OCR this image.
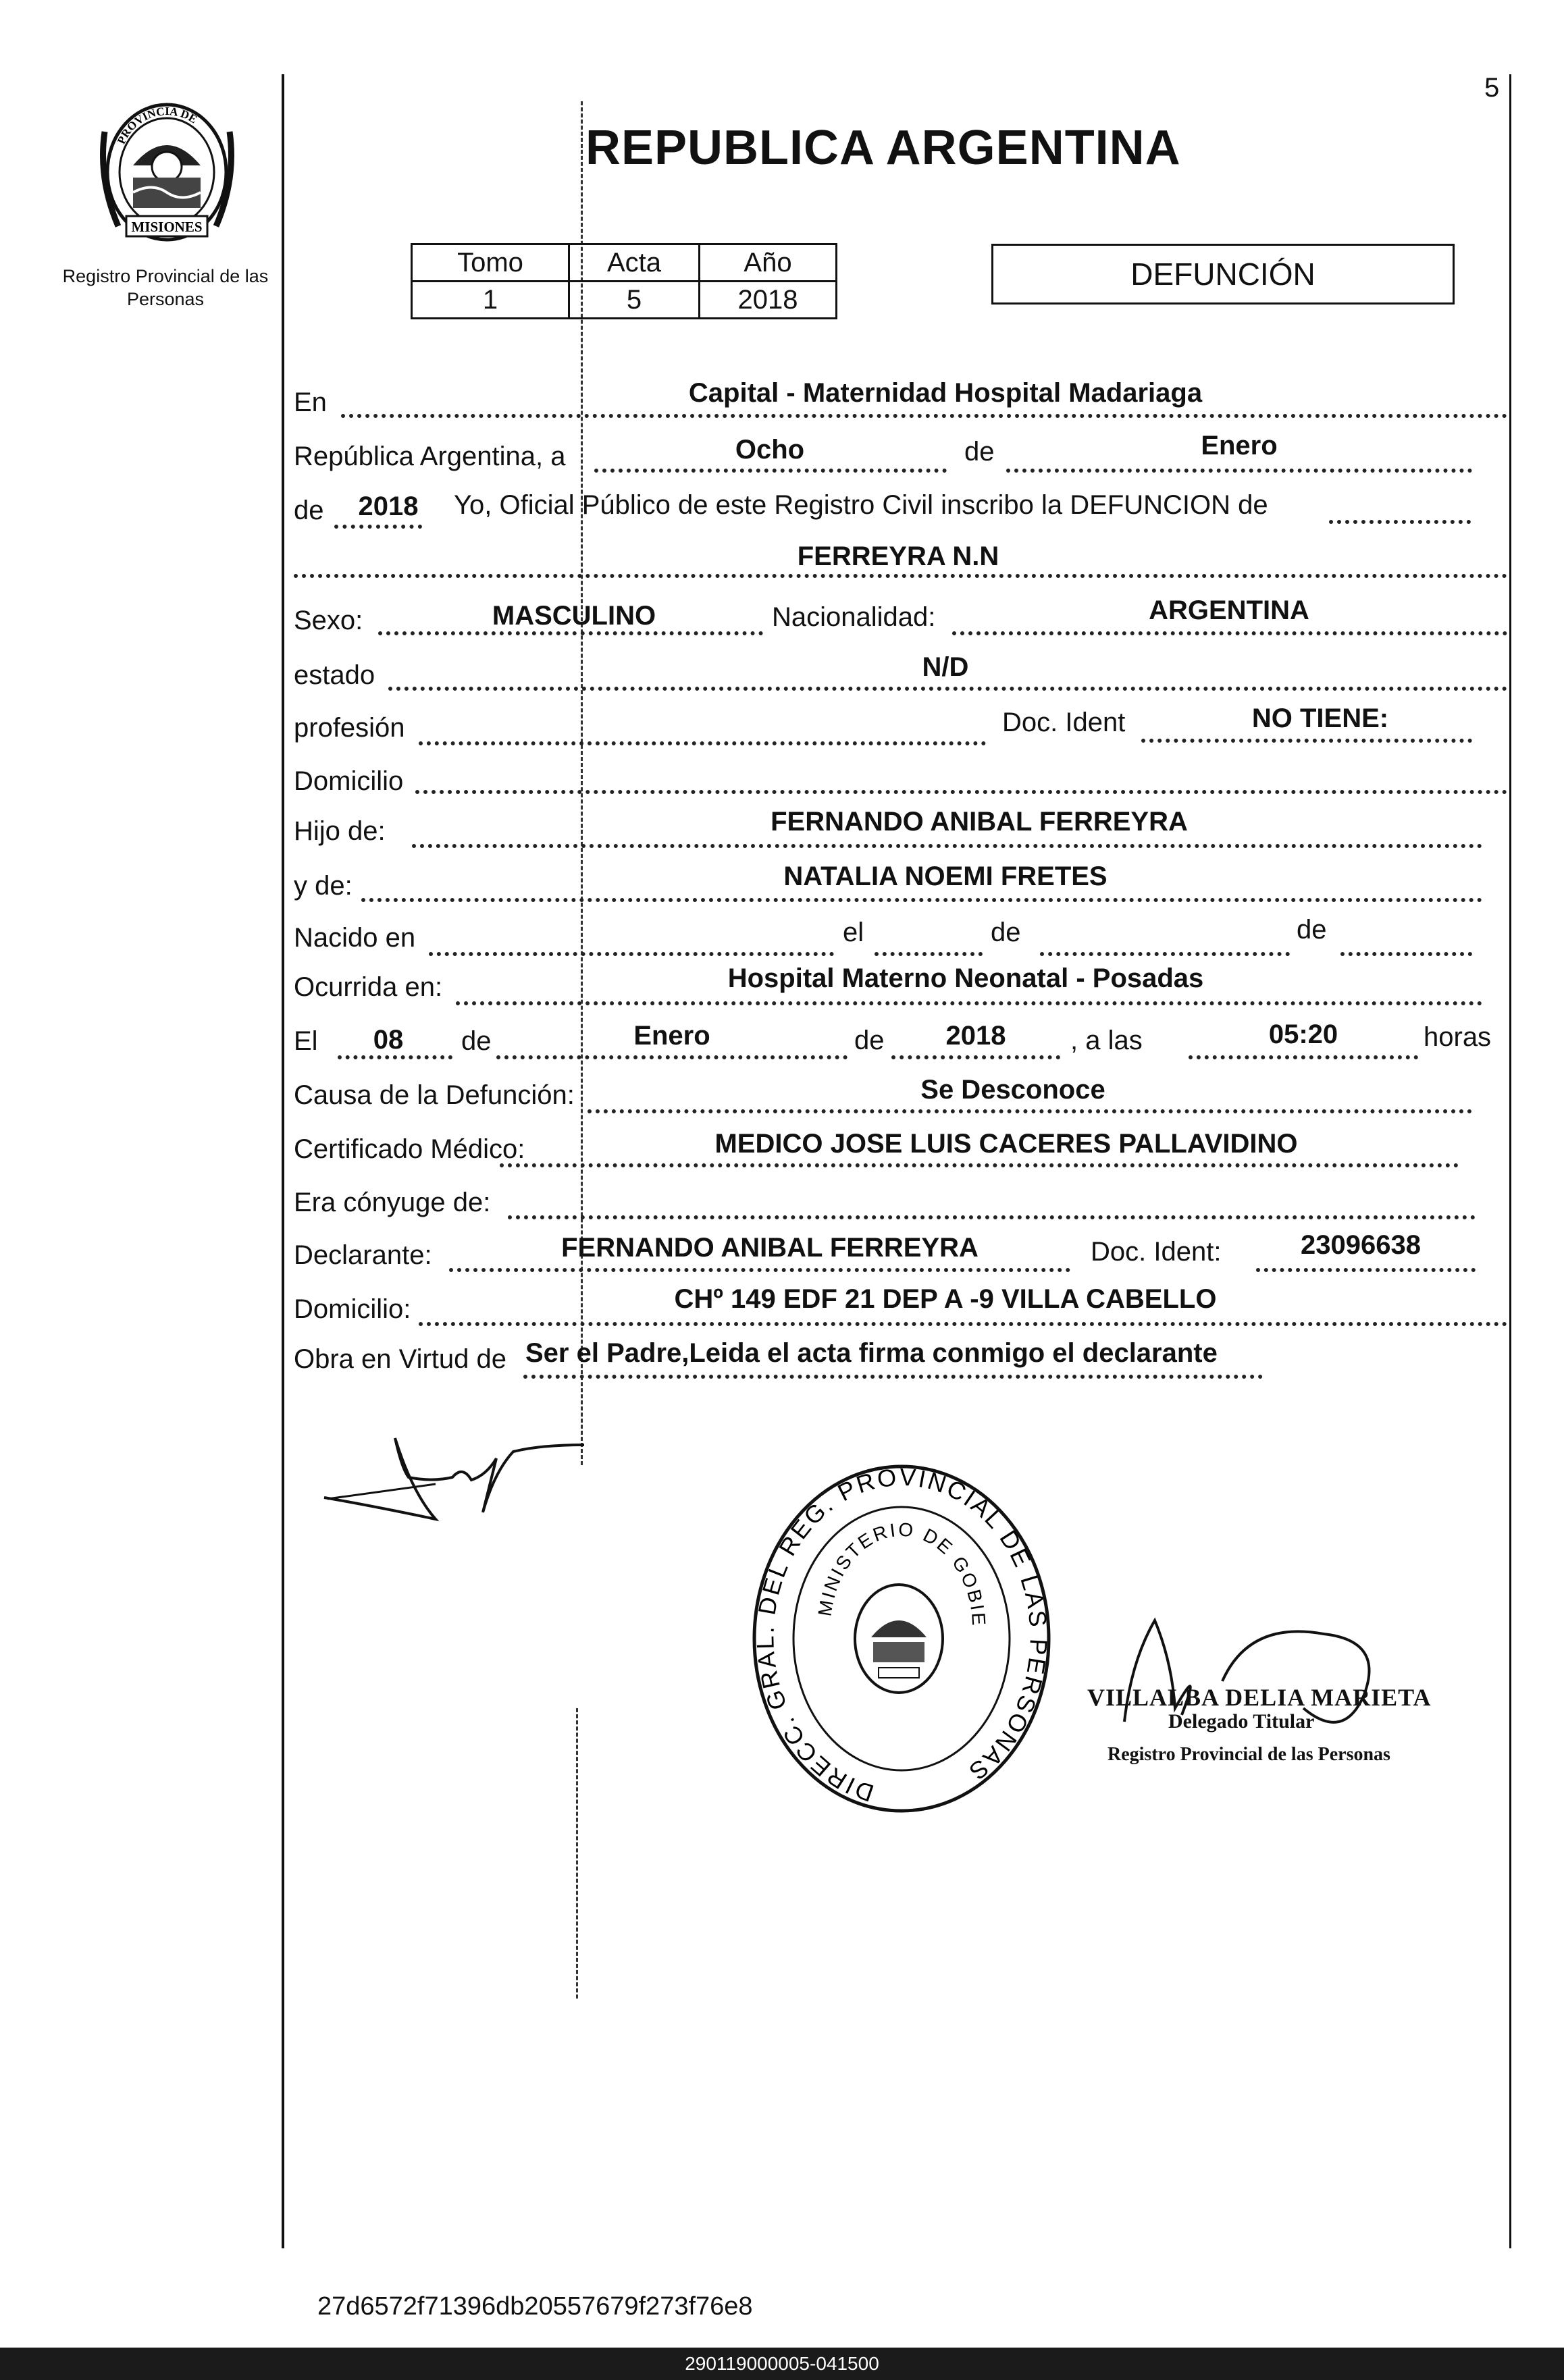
5
PROVINCIA DE
MISIONES
Registro Provincial de las Personas
REPUBLICA ARGENTINA
Tomo	Acta	Año
1	5	2018
DEFUNCIÓN
En	Capital - Maternidad Hospital Madariaga
República Argentina, a	Ocho	de	Enero
de	2018	Yo, Oficial Público de este Registro Civil inscribo la DEFUNCION de
FERREYRA N.N
Sexo:	MASCULINO	Nacionalidad:	ARGENTINA
estado	N/D
profesión	Doc. Ident	NO TIENE:
Domicilio
Hijo de:	FERNANDO ANIBAL FERREYRA
y de:	NATALIA NOEMI FRETES
Nacido en	el	de	de
Ocurrida en:	Hospital Materno Neonatal - Posadas
El	08	de	Enero	de	2018	, a las	05:20	horas
Causa de la Defunción:	Se Desconoce
Certificado Médico:	MEDICO JOSE LUIS CACERES PALLAVIDINO
Era cónyuge de:
Declarante:	FERNANDO ANIBAL FERREYRA	Doc. Ident:	23096638
Domicilio:	CHº 149 EDF 21 DEP A -9 VILLA CABELLO
Obra en Virtud de Ser el Padre,Leida el acta firma conmigo el declarante
DIRECC. GRAL. DEL REG. PROVINCIAL DE LAS PERSONAS
MINISTERIO DE GOBIE
VILLALBA DELIA MARIETA
Delegado Titular
Registro Provincial de las Personas
27d6572f71396db20557679f273f76e8
290119000005-041500
